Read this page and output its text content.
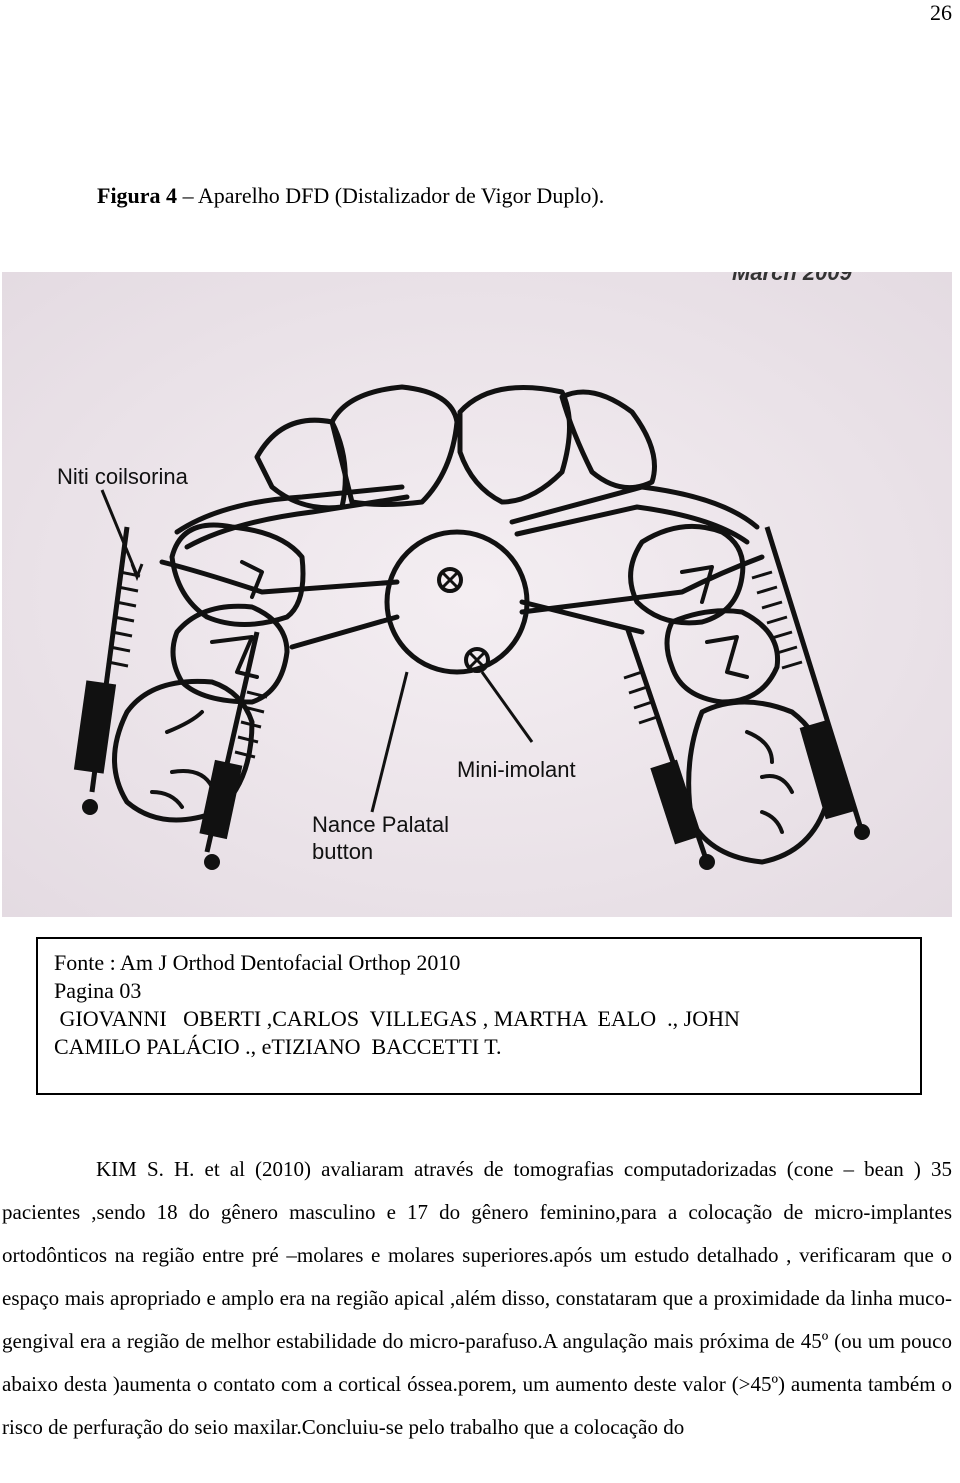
26
Figura 4 – Aparelho DFD (Distalizador de Vigor Duplo).
March 2009
Niti coilsorina
Mini-imolant
Nance Palatal
button
Fonte : Am J Orthod Dentofacial Orthop 2010
Pagina 03
GIOVANNI   OBERTI ,CARLOS  VILLEGAS , MARTHA  EALO  ., JOHN
CAMILO PALÁCIO ., eTIZIANO  BACCETTI T.
KIM S. H. et al (2010) avaliaram através de tomografias computadorizadas (cone – bean ) 35 pacientes ,sendo 18 do gênero masculino e 17 do gênero feminino,para a colocação de micro-implantes ortodônticos na região entre pré –molares e molares superiores.após um estudo detalhado , verificaram que o espaço mais apropriado e amplo era na região apical ,além disso, constataram que a proximidade da linha muco-gengival era a região de melhor estabilidade do micro-parafuso.A angulação mais próxima de 45º (ou um pouco abaixo desta )aumenta o contato com a cortical óssea.porem, um aumento deste valor (>45º) aumenta também o risco de perfuração do seio maxilar.Concluiu-se pelo trabalho que a colocação do
